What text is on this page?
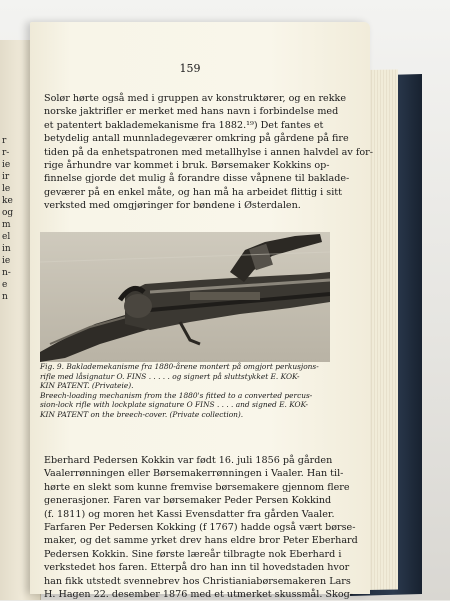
r
r-
ie
ir
le
ke
og
m
el
in
ie
n-
e
n
159
Solør hørte også med i gruppen av konstruktører, og en rekke
norske jaktrifler er merket med hans navn i forbindelse med
et patentert baklademekanisme fra 1882.¹⁹) Det fantes et
betydelig antall munnladegeværer omkring på gårdene på fire
tiden på da enhetspatronen med metallhylse i annen halvdel av for-
rige århundre var kommet i bruk. Børsemaker Kokkins op-
finnelse gjorde det mulig å forandre disse våpnene til baklade-
geværer på en enkel måte, og han må ha arbeidet flittig i sitt
verksted med omgjøringer for bøndene i Østerdalen.
Fig. 9. Baklademekanisme fra 1880-årene montert på omgjort perkusjons-
rifle med låsignatur O. FINS . . . . . og signert på sluttstykket E. KOK-
KIN PATENT. (Privateie).
Breech-loading mechanism from the 1880's fitted to a converted percus-
sion-lock rifle with lockplate signature O FINS . . . . and signed E. KOK-
KIN PATENT on the breech-cover. (Private collection).
Eberhard Pedersen Kokkin var født 16. juli 1856 på gården
Vaalerrønningen eller Børsemakerrønningen i Vaaler. Han til-
hørte en slekt som kunne fremvise børsemakere gjennom flere
generasjoner. Faren var børsemaker Peder Persen Kokkind
(f. 1811) og moren het Kassi Evensdatter fra gården Vaaler.
Farfaren Per Pedersen Kokking (f 1767) hadde også vært børse-
maker, og det samme yrket drev hans eldre bror Peter Eberhard
Pedersen Kokkin. Sine første læreår tilbragte nok Eberhard i
verkstedet hos faren. Etterpå dro han inn til hovedstaden hvor
han fikk utstedt svennebrev hos Christianiabørsemakeren Lars
H. Hagen 22. desember 1876 med et utmerket skussmål. Skog-
